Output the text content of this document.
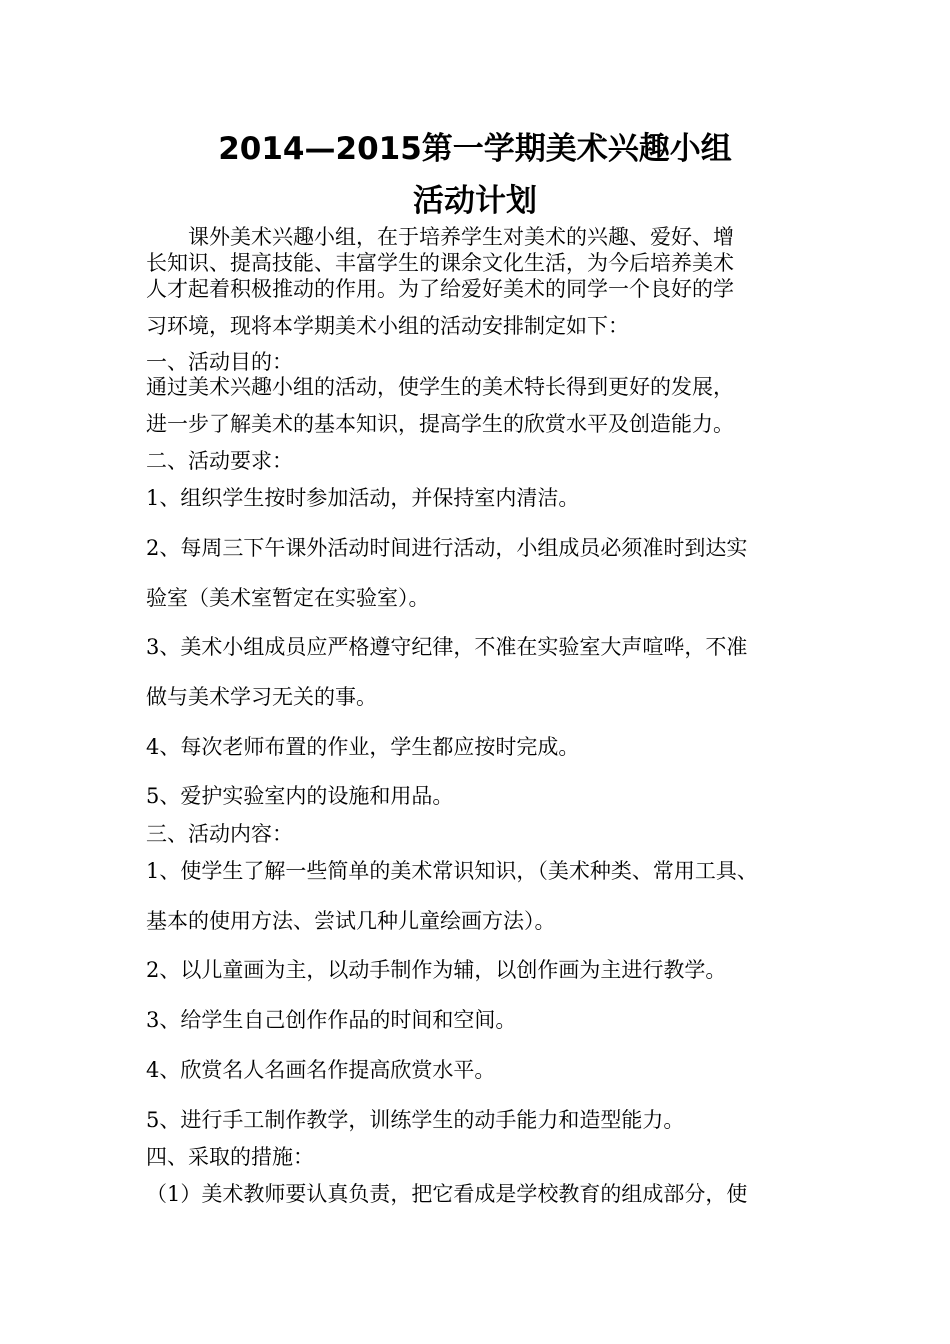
2014—2015第一学期美术兴趣小组
活动计划
　　课外美术兴趣小组，在于培养学生对美术的兴趣、爱好、增
长知识、提高技能、丰富学生的课余文化生活，为今后培养美术
人才起着积极推动的作用。为了给爱好美术的同学一个良好的学
习环境，现将本学期美术小组的活动安排制定如下：
一、活动目的：
通过美术兴趣小组的活动，使学生的美术特长得到更好的发展，
进一步了解美术的基本知识，提高学生的欣赏水平及创造能力。
二、活动要求：
1、组织学生按时参加活动，并保持室内清洁。
2、每周三下午课外活动时间进行活动，小组成员必须准时到达实
验室（美术室暂定在实验室）。
3、美术小组成员应严格遵守纪律，不准在实验室大声喧哗，不准
做与美术学习无关的事。
4、每次老师布置的作业，学生都应按时完成。
5、爱护实验室内的设施和用品。
三、活动内容：
1、使学生了解一些简单的美术常识知识，（美术种类、常用工具、
基本的使用方法、尝试几种儿童绘画方法）。
2、以儿童画为主，以动手制作为辅，以创作画为主进行教学。
3、给学生自己创作作品的时间和空间。
4、欣赏名人名画名作提高欣赏水平。
5、进行手工制作教学，训练学生的动手能力和造型能力。
四、采取的措施：
（1）美术教师要认真负责，把它看成是学校教育的组成部分，使
